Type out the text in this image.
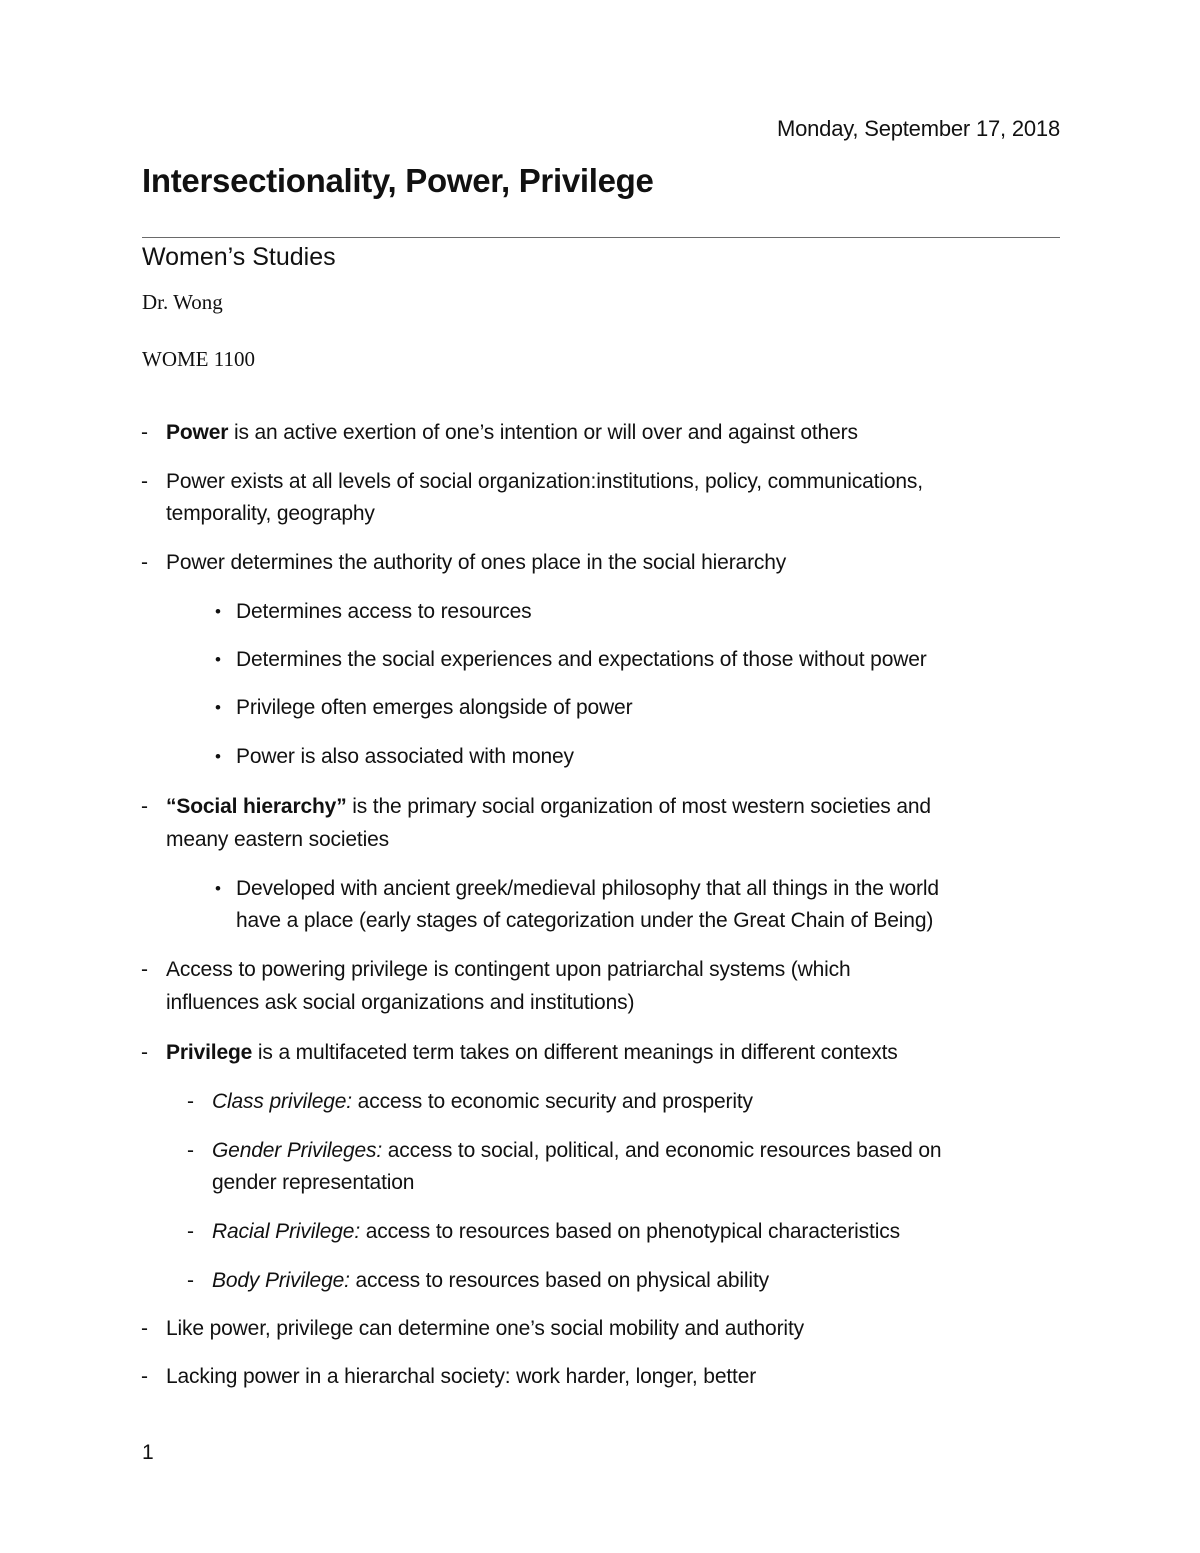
Monday, September 17, 2018
Intersectionality, Power, Privilege
Women’s Studies
Dr. Wong
WOME 1100
- Power is an active exertion of one’s intention or will over and against others
- Power exists at all levels of social organization:institutions, policy, communications,
temporality, geography
- Power determines the authority of ones place in the social hierarchy
• Determines access to resources
• Determines the social experiences and expectations of those without power
• Privilege often emerges alongside of power
• Power is also associated with money
- “Social hierarchy” is the primary social organization of most western societies and
meany eastern societies
• Developed with ancient greek/medieval philosophy that all things in the world
have a place (early stages of categorization under the Great Chain of Being)
- Access to powering privilege is contingent upon patriarchal systems (which
influences ask social organizations and institutions)
- Privilege is a multifaceted term takes on different meanings in different contexts
- Class privilege: access to economic security and prosperity
- Gender Privileges: access to social, political, and economic resources based on
gender representation
- Racial Privilege: access to resources based on phenotypical characteristics
- Body Privilege: access to resources based on physical ability
- Like power, privilege can determine one’s social mobility and authority
- Lacking power in a hierarchal society: work harder, longer, better
1
